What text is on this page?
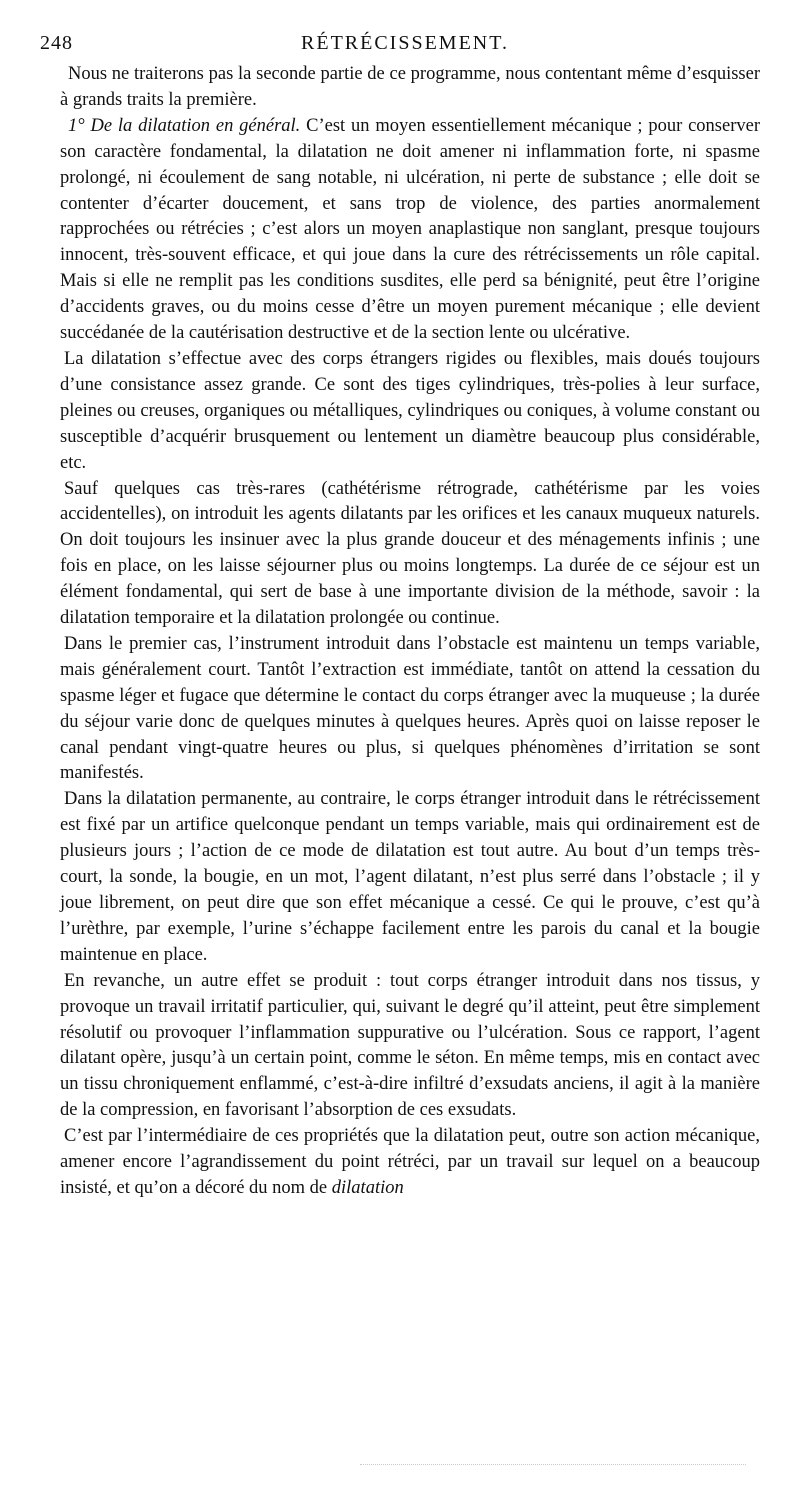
248	RÉTRÉCISSEMENT.

Nous ne traiterons pas la seconde partie de ce programme, nous contentant même d’esquisser à grands traits la première.

1° De la dilatation en général. C’est un moyen essentiellement mécanique ; pour conserver son caractère fondamental, la dilatation ne doit amener ni inflammation forte, ni spasme prolongé, ni écoulement de sang notable, ni ulcération, ni perte de substance ; elle doit se contenter d’écarter doucement, et sans trop de violence, des parties anormalement rapprochées ou rétrécies ; c’est alors un moyen anaplastique non sanglant, presque toujours innocent, très-souvent efficace, et qui joue dans la cure des rétrécissements un rôle capital. Mais si elle ne remplit pas les conditions susdites, elle perd sa bénignité, peut être l’origine d’accidents graves, ou du moins cesse d’être un moyen purement mécanique ; elle devient succédanée de la cautérisation destructive et de la section lente ou ulcérative.

La dilatation s’effectue avec des corps étrangers rigides ou flexibles, mais doués toujours d’une consistance assez grande. Ce sont des tiges cylindriques, très-polies à leur surface, pleines ou creuses, organiques ou métalliques, cylindriques ou coniques, à volume constant ou susceptible d’acquérir brusquement ou lentement un diamètre beaucoup plus considérable, etc.

Sauf quelques cas très-rares (cathétérisme rétrograde, cathétérisme par les voies accidentelles), on introduit les agents dilatants par les orifices et les canaux muqueux naturels. On doit toujours les insinuer avec la plus grande douceur et des ménagements infinis ; une fois en place, on les laisse séjourner plus ou moins longtemps. La durée de ce séjour est un élément fondamental, qui sert de base à une importante division de la méthode, savoir : la dilatation temporaire et la dilatation prolongée ou continue.

Dans le premier cas, l’instrument introduit dans l’obstacle est maintenu un temps variable, mais généralement court. Tantôt l’extraction est immédiate, tantôt on attend la cessation du spasme léger et fugace que détermine le contact du corps étranger avec la muqueuse ; la durée du séjour varie donc de quelques minutes à quelques heures. Après quoi on laisse reposer le canal pendant vingt-quatre heures ou plus, si quelques phénomènes d’irritation se sont manifestés.

Dans la dilatation permanente, au contraire, le corps étranger introduit dans le rétrécissement est fixé par un artifice quelconque pendant un temps variable, mais qui ordinairement est de plusieurs jours ; l’action de ce mode de dilatation est tout autre. Au bout d’un temps très-court, la sonde, la bougie, en un mot, l’agent dilatant, n’est plus serré dans l’obstacle ; il y joue librement, on peut dire que son effet mécanique a cessé. Ce qui le prouve, c’est qu’à l’urèthre, par exemple, l’urine s’échappe facilement entre les parois du canal et la bougie maintenue en place.

En revanche, un autre effet se produit : tout corps étranger introduit dans nos tissus, y provoque un travail irritatif particulier, qui, suivant le degré qu’il atteint, peut être simplement résolutif ou provoquer l’inflammation suppurative ou l’ulcération. Sous ce rapport, l’agent dilatant opère, jusqu’à un certain point, comme le séton. En même temps, mis en contact avec un tissu chroniquement enflammé, c’est-à-dire infiltré d’exsudats anciens, il agit à la manière de la compression, en favorisant l’absorption de ces exsudats.

C’est par l’intermédiaire de ces propriétés que la dilatation peut, outre son action mécanique, amener encore l’agrandissement du point rétréci, par un travail sur lequel on a beaucoup insisté, et qu’on a décoré du nom de dilatation
